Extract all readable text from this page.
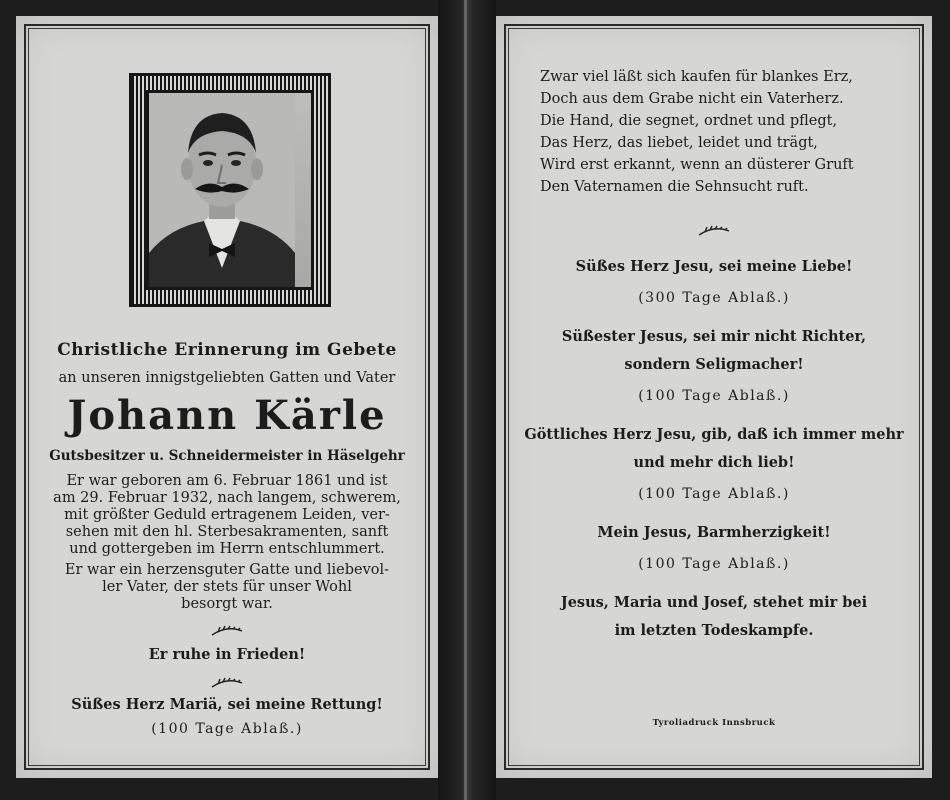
Christliche Erinnerung im Gebete
an unseren innigstgeliebten Gatten und Vater
Johann Kärle
Gutsbesitzer u. Schneidermeister in Häselgehr
Er war geboren am 6. Februar 1861 und ist
am 29. Februar 1932, nach langem, schwerem,
mit größter Geduld ertragenem Leiden, ver-
sehen mit den hl. Sterbesakramenten, sanft
und gottergeben im Herrn entschlummert.
Er war ein herzensguter Gatte und liebevol-
ler Vater, der stets für unser Wohl
besorgt war.
Er ruhe in Frieden!
Süßes Herz Mariä, sei meine Rettung!
(100 Tage Ablaß.)
Zwar viel läßt sich kaufen für blankes Erz,
Doch aus dem Grabe nicht ein Vaterherz.
Die Hand, die segnet, ordnet und pflegt,
Das Herz, das liebet, leidet und trägt,
Wird erst erkannt, wenn an düsterer Gruft
Den Vaternamen die Sehnsucht ruft.
Süßes Herz Jesu, sei meine Liebe!
(300 Tage Ablaß.)
Süßester Jesus, sei mir nicht Richter,
sondern Seligmacher!
(100 Tage Ablaß.)
Göttliches Herz Jesu, gib, daß ich immer mehr
und mehr dich lieb!
(100 Tage Ablaß.)
Mein Jesus, Barmherzigkeit!
(100 Tage Ablaß.)
Jesus, Maria und Josef, stehet mir bei
im letzten Todeskampfe.
Tyroliadruck Innsbruck
